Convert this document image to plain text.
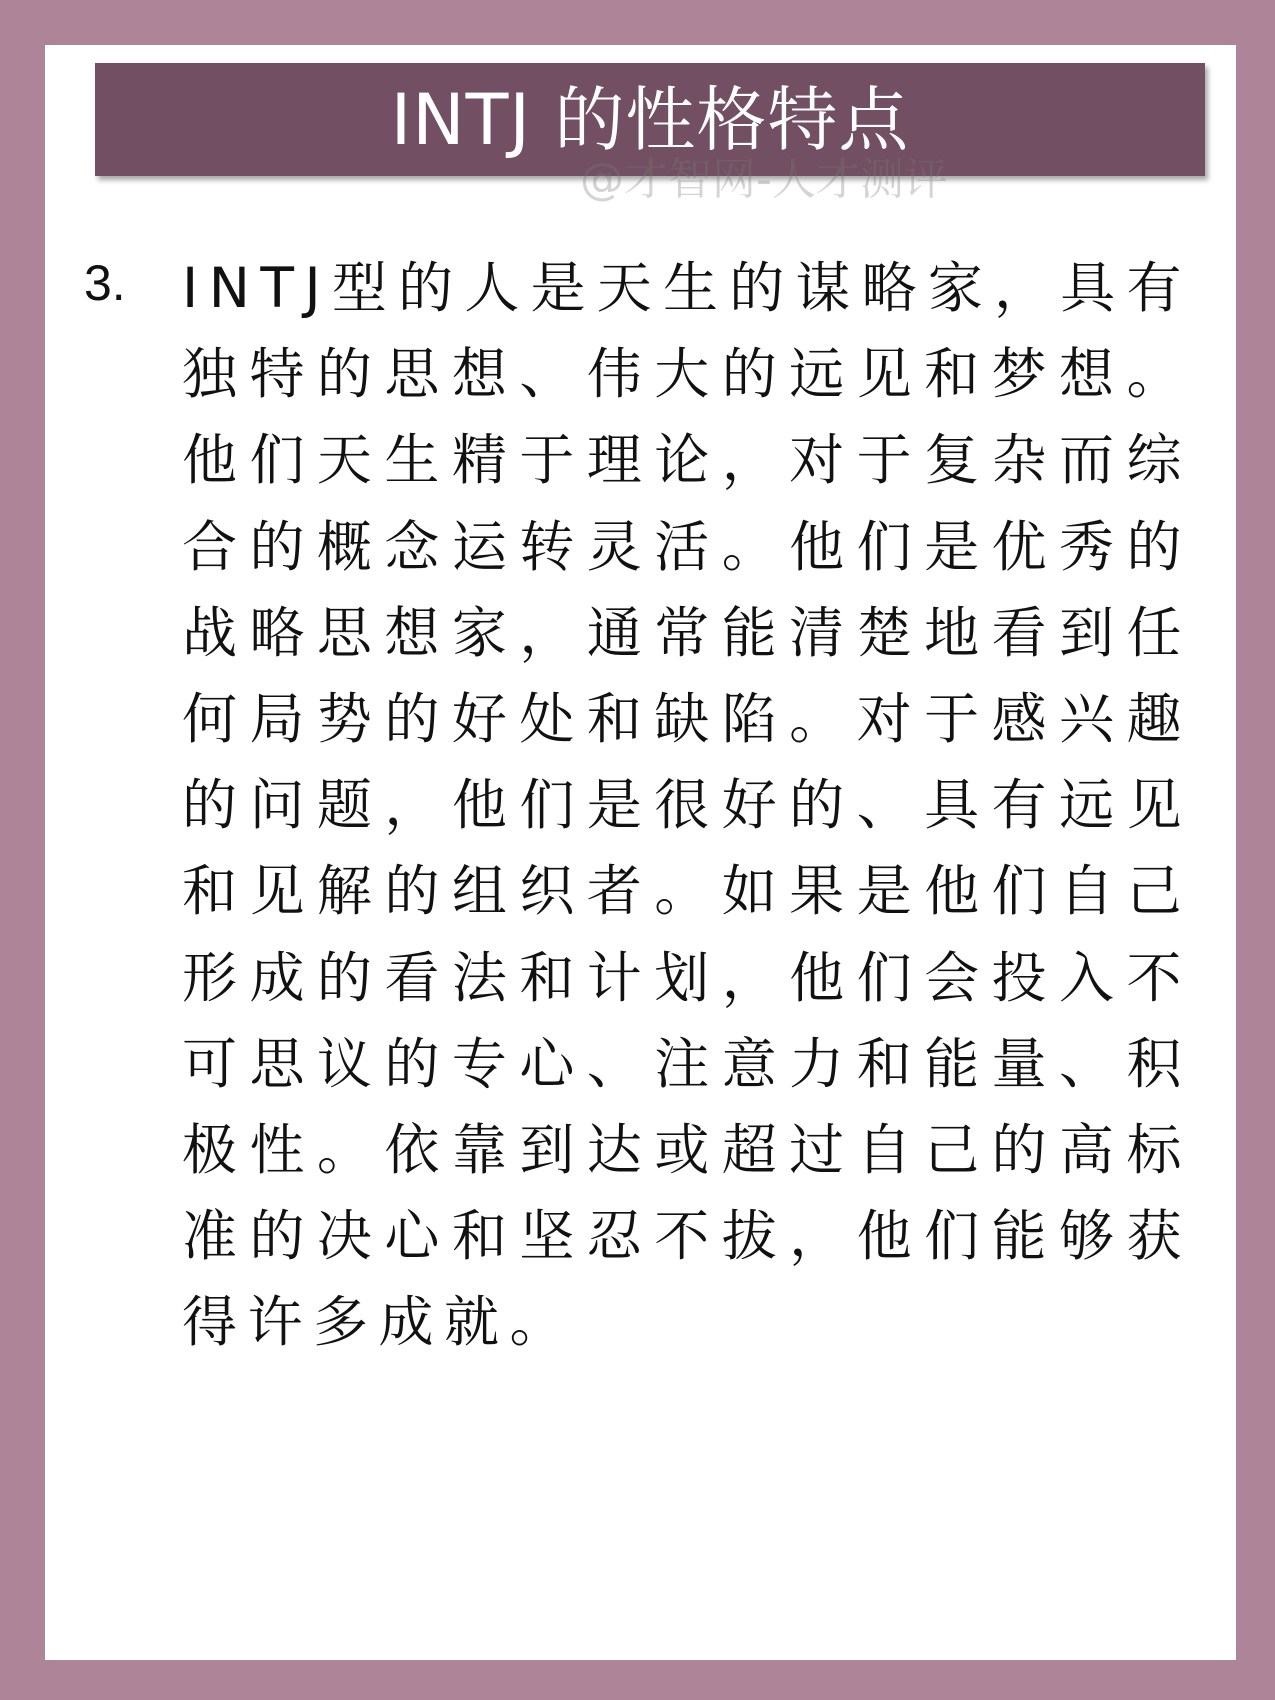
INTJ 的性格特点
@才智网-人才测评
3. INTJ型的人是天生的谋略家，具有独特的思想、伟大的远见和梦想。他们天生精于理论，对于复杂而综合的概念运转灵活。他们是优秀的战略思想家，通常能清楚地看到任何局势的好处和缺陷。对于感兴趣的问题，他们是很好的、具有远见和见解的组织者。如果是他们自己形成的看法和计划，他们会投入不可思议的专心、注意力和能量、积极性。依靠到达或超过自己的高标准的决心和坚忍不拔，他们能够获得许多成就。
